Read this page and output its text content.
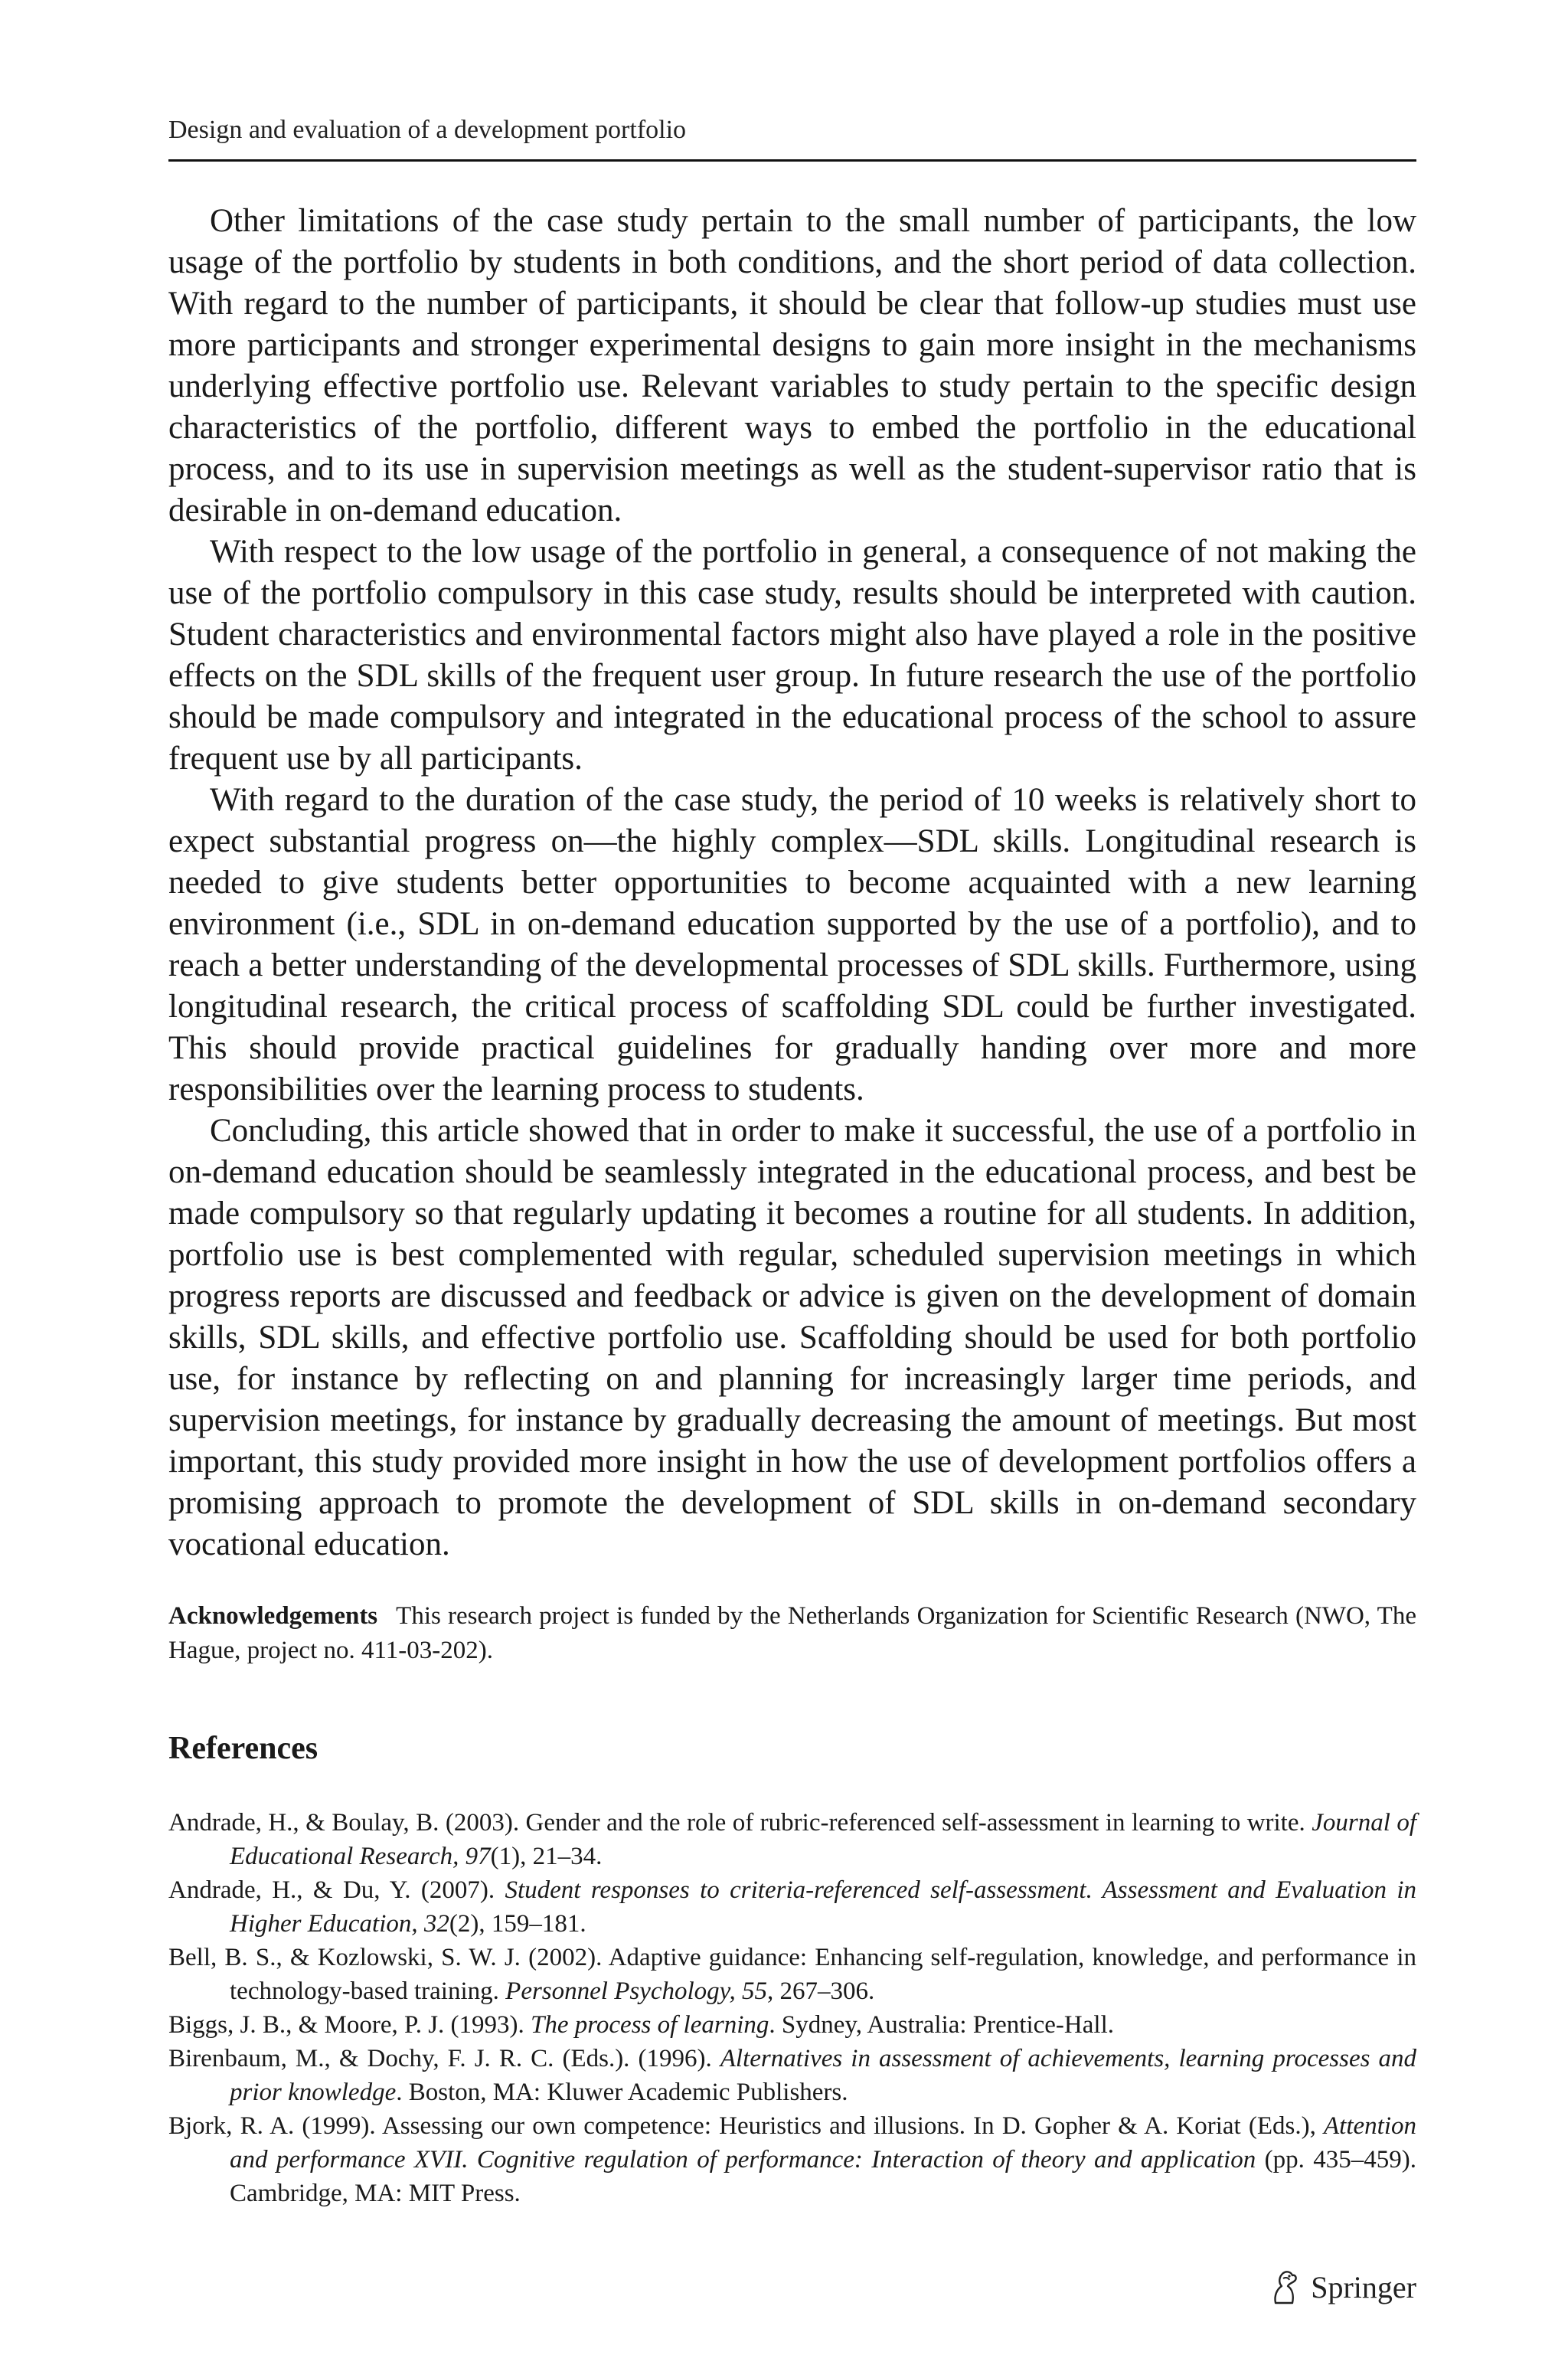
Design and evaluation of a development portfolio

Other limitations of the case study pertain to the small number of participants, the low usage of the portfolio by students in both conditions, and the short period of data collection. With regard to the number of participants, it should be clear that follow-up studies must use more participants and stronger experimental designs to gain more insight in the mechanisms underlying effective portfolio use. Relevant variables to study pertain to the specific design characteristics of the portfolio, different ways to embed the portfolio in the educational process, and to its use in supervision meetings as well as the student-supervisor ratio that is desirable in on-demand education.

With respect to the low usage of the portfolio in general, a consequence of not making the use of the portfolio compulsory in this case study, results should be interpreted with caution. Student characteristics and environmental factors might also have played a role in the positive effects on the SDL skills of the frequent user group. In future research the use of the portfolio should be made compulsory and integrated in the educational process of the school to assure frequent use by all participants.

With regard to the duration of the case study, the period of 10 weeks is relatively short to expect substantial progress on—the highly complex—SDL skills. Longitudinal research is needed to give students better opportunities to become acquainted with a new learning environment (i.e., SDL in on-demand education supported by the use of a portfolio), and to reach a better understanding of the developmental processes of SDL skills. Furthermore, using longitudinal research, the critical process of scaffolding SDL could be further investigated. This should provide practical guidelines for gradually handing over more and more responsibilities over the learning process to students.

Concluding, this article showed that in order to make it successful, the use of a portfolio in on-demand education should be seamlessly integrated in the educational process, and best be made compulsory so that regularly updating it becomes a routine for all students. In addition, portfolio use is best complemented with regular, scheduled supervision meetings in which progress reports are discussed and feedback or advice is given on the development of domain skills, SDL skills, and effective portfolio use. Scaffolding should be used for both portfolio use, for instance by reflecting on and planning for increasingly larger time periods, and supervision meetings, for instance by gradually decreasing the amount of meetings. But most important, this study provided more insight in how the use of development portfolios offers a promising approach to promote the development of SDL skills in on-demand secondary vocational education.

Acknowledgements This research project is funded by the Netherlands Organization for Scientific Research (NWO, The Hague, project no. 411-03-202).
References
Andrade, H., & Boulay, B. (2003). Gender and the role of rubric-referenced self-assessment in learning to write. Journal of Educational Research, 97(1), 21–34.
Andrade, H., & Du, Y. (2007). Student responses to criteria-referenced self-assessment. Assessment and Evaluation in Higher Education, 32(2), 159–181.
Bell, B. S., & Kozlowski, S. W. J. (2002). Adaptive guidance: Enhancing self-regulation, knowledge, and performance in technology-based training. Personnel Psychology, 55, 267–306.
Biggs, J. B., & Moore, P. J. (1993). The process of learning. Sydney, Australia: Prentice-Hall.
Birenbaum, M., & Dochy, F. J. R. C. (Eds.). (1996). Alternatives in assessment of achievements, learning processes and prior knowledge. Boston, MA: Kluwer Academic Publishers.
Bjork, R. A. (1999). Assessing our own competence: Heuristics and illusions. In D. Gopher & A. Koriat (Eds.), Attention and performance XVII. Cognitive regulation of performance: Interaction of theory and application (pp. 435–459). Cambridge, MA: MIT Press.
Springer
